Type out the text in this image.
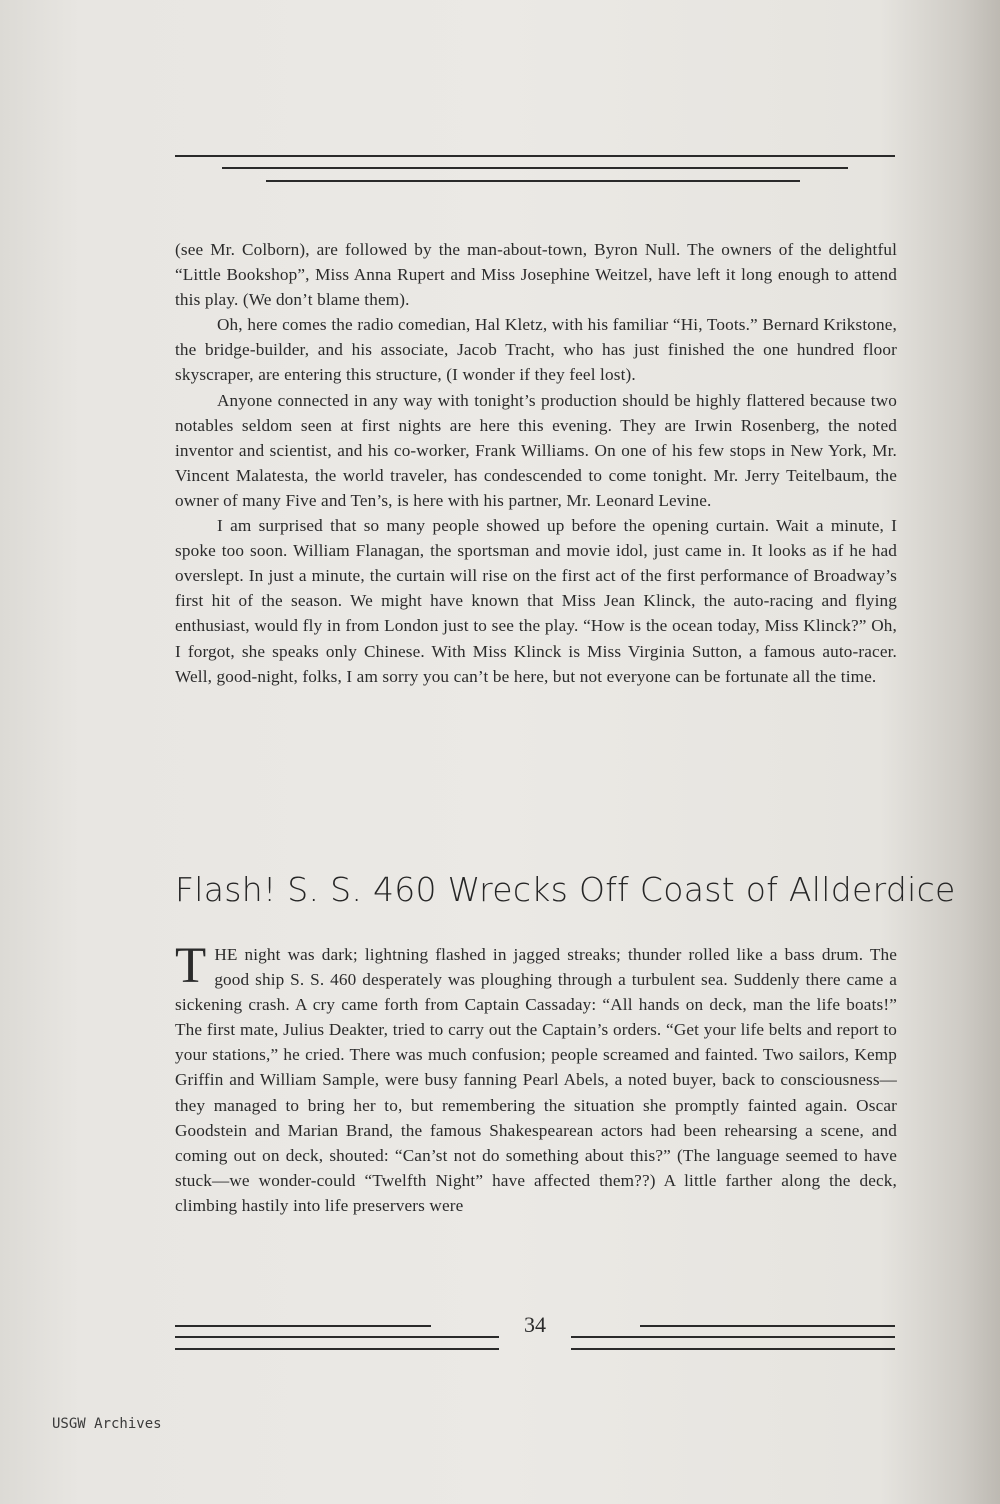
(see Mr. Colborn), are followed by the man-about-town, Byron Null. The owners of the delightful “Little Bookshop”, Miss Anna Rupert and Miss Josephine Weitzel, have left it long enough to attend this play. (We don’t blame them).

Oh, here comes the radio comedian, Hal Kletz, with his familiar “Hi, Toots.” Bernard Krikstone, the bridge-builder, and his associate, Jacob Tracht, who has just finished the one hundred floor skyscraper, are entering this structure, (I wonder if they feel lost).

Anyone connected in any way with tonight’s production should be highly flattered because two notables seldom seen at first nights are here this evening. They are Irwin Rosenberg, the noted inventor and scientist, and his co-worker, Frank Williams. On one of his few stops in New York, Mr. Vincent Malatesta, the world traveler, has condescended to come tonight. Mr. Jerry Teitelbaum, the owner of many Five and Ten’s, is here with his partner, Mr. Leonard Levine.

I am surprised that so many people showed up before the opening curtain. Wait a minute, I spoke too soon. William Flanagan, the sportsman and movie idol, just came in. It looks as if he had overslept. In just a minute, the curtain will rise on the first act of the first performance of Broadway’s first hit of the season. We might have known that Miss Jean Klinck, the auto-racing and flying enthusiast, would fly in from London just to see the play. “How is the ocean today, Miss Klinck?” Oh, I forgot, she speaks only Chinese. With Miss Klinck is Miss Virginia Sutton, a famous auto-racer. Well, good-night, folks, I am sorry you can’t be here, but not everyone can be fortunate all the time.

Flash! S. S. 460 Wrecks Off Coast of Allderdice

THE night was dark; lightning flashed in jagged streaks; thunder rolled like a bass drum. The good ship S. S. 460 desperately was ploughing through a turbulent sea. Suddenly there came a sickening crash. A cry came forth from Captain Cassaday: “All hands on deck, man the life boats!” The first mate, Julius Deakter, tried to carry out the Captain’s orders. “Get your life belts and report to your stations,” he cried. There was much confusion; people screamed and fainted. Two sailors, Kemp Griffin and William Sample, were busy fanning Pearl Abels, a noted buyer, back to consciousness—they managed to bring her to, but remembering the situation she promptly fainted again. Oscar Goodstein and Marian Brand, the famous Shakespearean actors had been rehearsing a scene, and coming out on deck, shouted: “Can’st not do something about this?” (The language seemed to have stuck—we wonder-could “Twelfth Night” have affected them??) A little farther along the deck, climbing hastily into life preservers were

34
USGW Archives
